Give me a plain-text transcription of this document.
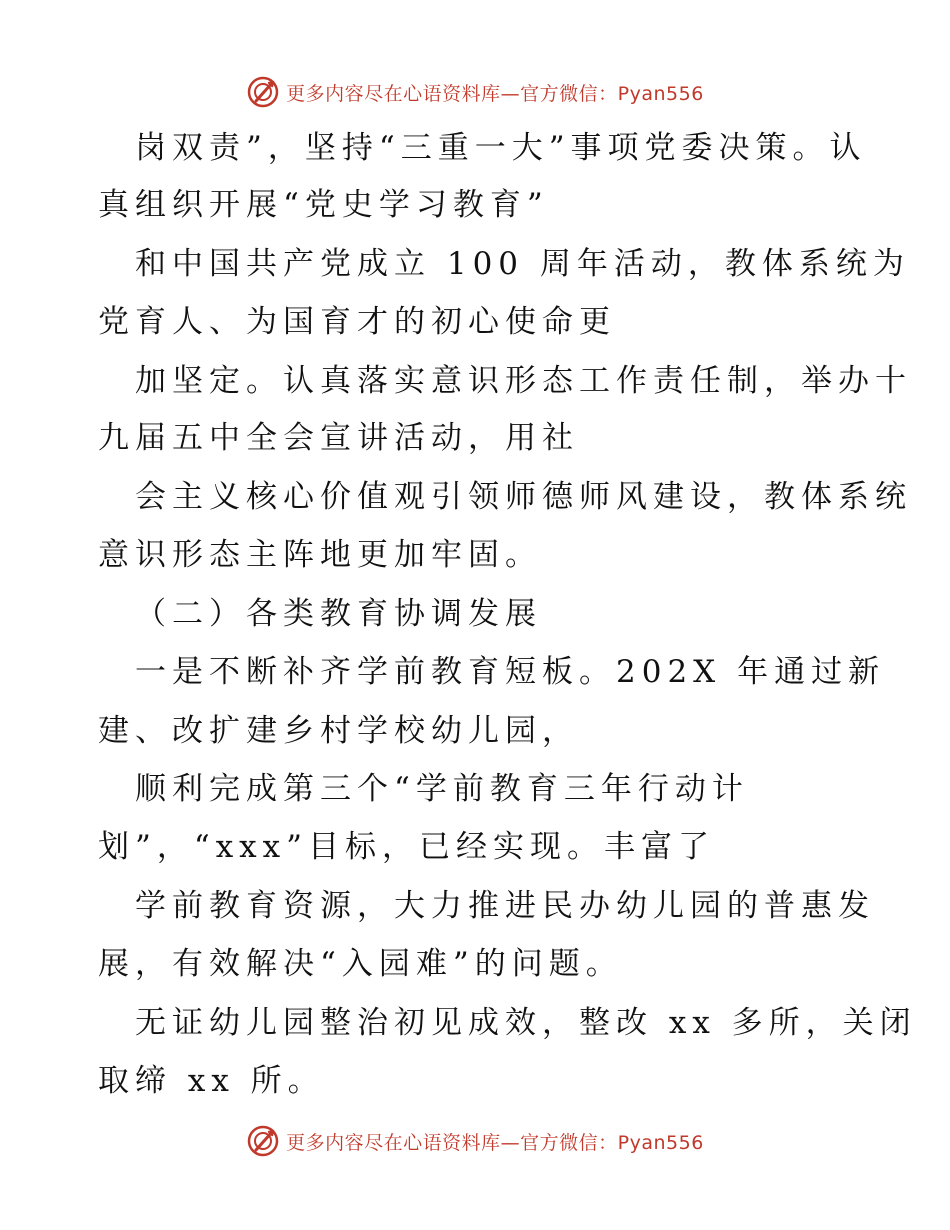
更多内容尽在心语资料库—官方微信：Pyan556
岗双责”，坚持“三重一大”事项党委决策。认
真组织开展“党史学习教育”
和中国共产党成立 100 周年活动，教体系统为
党育人、为国育才的初心使命更
加坚定。认真落实意识形态工作责任制，举办十
九届五中全会宣讲活动，用社
会主义核心价值观引领师德师风建设，教体系统
意识形态主阵地更加牢固。
（二）各类教育协调发展
一是不断补齐学前教育短板。202X 年通过新
建、改扩建乡村学校幼儿园，
顺利完成第三个“学前教育三年行动计
划”，“xxx”目标，已经实现。丰富了
学前教育资源，大力推进民办幼儿园的普惠发
展，有效解决“入园难”的问题。
无证幼儿园整治初见成效，整改 xx 多所，关闭
取缔 xx 所。
更多内容尽在心语资料库—官方微信：Pyan556
